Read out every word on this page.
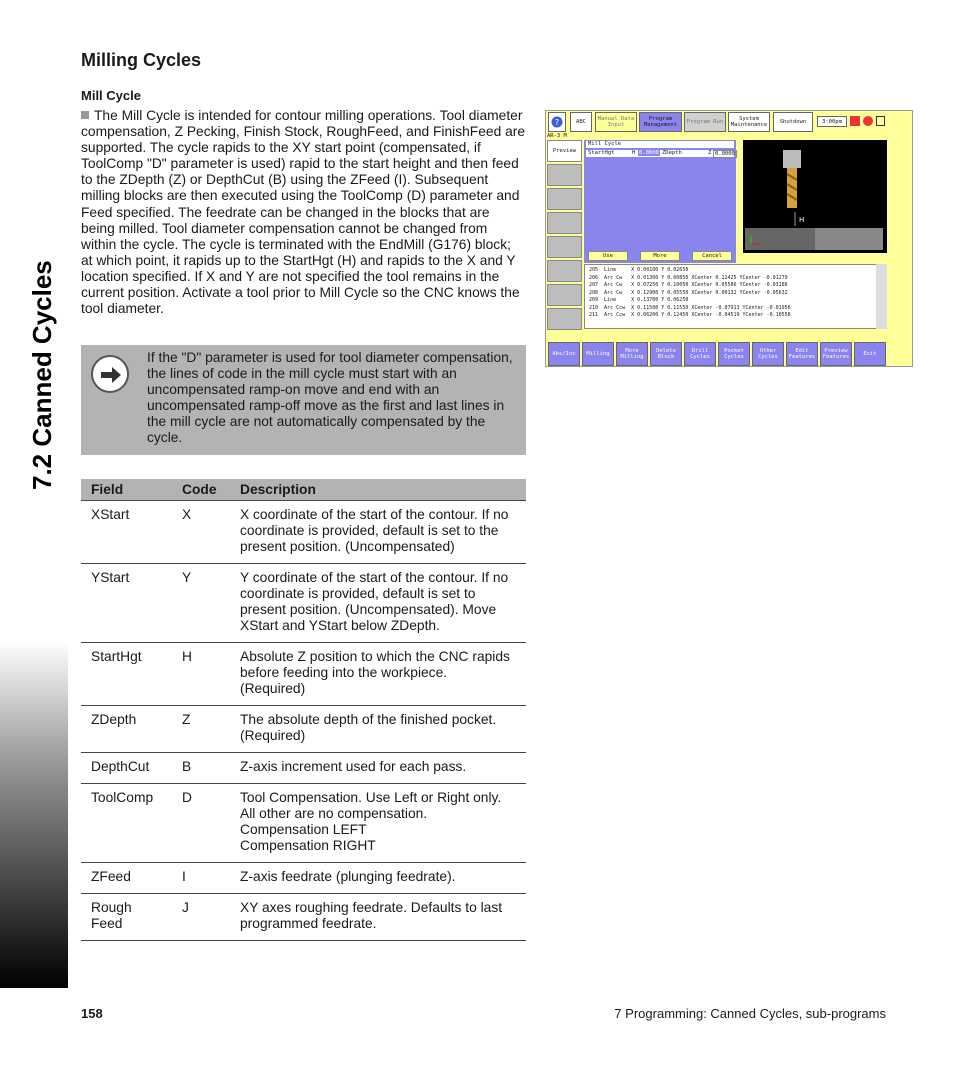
7.2 Canned Cycles
Milling Cycles
Mill Cycle
The Mill Cycle is intended for contour milling operations. Tool diameter compensation, Z Pecking, Finish Stock, RoughFeed, and FinishFeed are supported. The cycle rapids to the XY start point (compensated, if ToolComp "D" parameter is used) rapid to the start height and then feed to the ZDepth (Z) or DepthCut (B) using the ZFeed (I). Subsequent milling blocks are then executed using the ToolComp (D) parameter and Feed specified. The feedrate can be changed in the blocks that are being milled. Tool diameter compensation cannot be changed from within the cycle. The cycle is terminated with the EndMill (G176) block; at which point, it rapids up to the StartHgt (H) and rapids to the X and Y location specified. If X and Y are not specified the tool remains in the current position. Activate a tool prior to Mill Cycle so the CNC knows the tool diameter.
If the "D" parameter is used for tool diameter compensation, the lines of code in the mill cycle must start with an uncompensated ramp-on move and end with an uncompensated ramp-off move as the first and last lines in the mill cycle are not automatically compensated by the cycle.
Field	Code	Description
XStart	X	X coordinate of the start of the contour. If no coordinate is provided, default is set to the present position. (Uncompensated)
YStart	Y	Y coordinate of the start of the contour. If no coordinate is provided, default is set to present position. (Uncompensated). Move XStart and YStart below ZDepth.
StartHgt	H	Absolute Z position to which the CNC rapids before feeding into the workpiece. (Required)
ZDepth	Z	The absolute depth of the finished pocket. (Required)
DepthCut	B	Z-axis increment used for each pass.
ToolComp	D	Tool Compensation. Use Left or Right only. All other are no compensation.
Compensation LEFT
Compensation RIGHT
ZFeed	I	Z-axis feedrate (plunging feedrate).
Rough Feed	J	XY axes roughing feedrate. Defaults to last programmed feedrate.
158	7 Programming: Canned Cycles, sub-programs
?	ABC	Manual Data Input
Program Management	Program Run	System Maintenance	Shutdown	3:00pm
AR-3 M
Preview
Mill Cycle
StartHgt	H 0.0000 ZDepth	Z 0.0000
Use	More	Cancel
H
205  Line     X 0.00100 Y 0.02650
206  Arc Cw   X 0.01300 Y 0.00850 XCenter 0.12425 YCenter -0.01279
207  Arc Cw   X 0.07250 Y 0.10050 XCenter 0.05586 YCenter -0.03186
208  Arc Cw   X 0.12900 Y 0.05550 XCenter 0.00132 YCenter -0.05632
209  Line     X 0.13700 Y 0.06250
210  Arc Ccw  X 0.11500 Y 0.11550 XCenter -0.07913 YCenter -0.01956
211  Arc Ccw  X 0.06200 Y 0.12450 XCenter -0.04519 YCenter -0.10558
Abs/Inc	Milling	More Milling
Delete Block
Drill Cycles
Pocket Cycles
Other Cycles
Edit Features
Preview Features	Exit
